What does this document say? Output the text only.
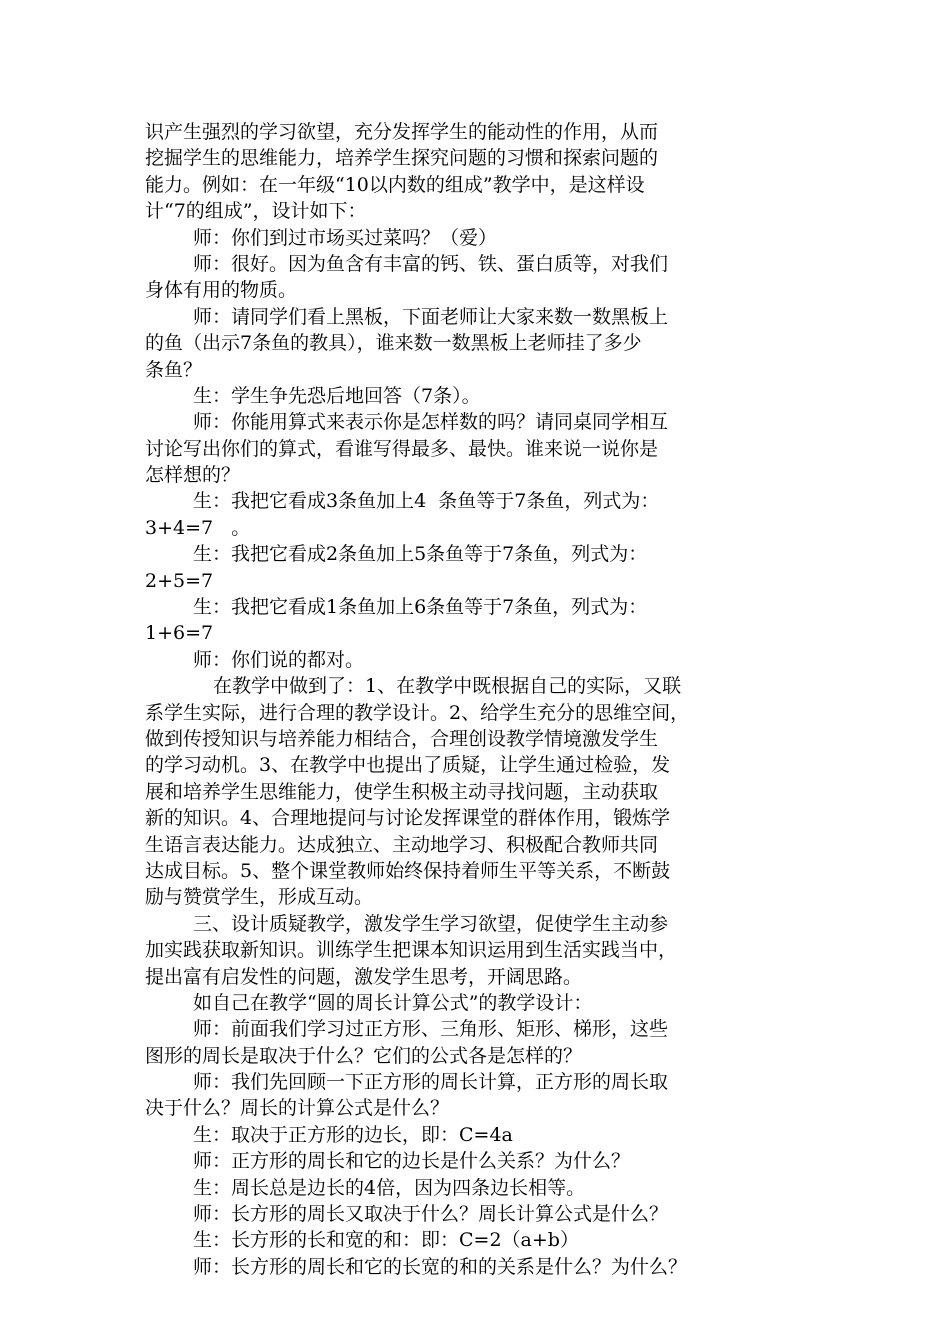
识产生强烈的学习欲望，充分发挥学生的能动性的作用，从而
挖掘学生的思维能力，培养学生探究问题的习惯和探索问题的
能力。例如：在一年级“10以内数的组成”教学中，是这样设
计“7的组成”，设计如下：
师：你们到过市场买过菜吗？（爱）
师：很好。因为鱼含有丰富的钙、铁、蛋白质等，对我们
身体有用的物质。
师：请同学们看上黑板，下面老师让大家来数一数黑板上
的鱼（出示7条鱼的教具），谁来数一数黑板上老师挂了多少
条鱼？
生：学生争先恐后地回答（7条）。
师：你能用算式来表示你是怎样数的吗？请同桌同学相互
讨论写出你们的算式，看谁写得最多、最快。谁来说一说你是
怎样想的？
生：我把它看成3条鱼加上4  条鱼等于7条鱼，列式为：
3+4=7   。
生：我把它看成2条鱼加上5条鱼等于7条鱼，列式为：
2+5=7
生：我把它看成1条鱼加上6条鱼等于7条鱼，列式为：
1+6=7
师：你们说的都对。
在教学中做到了：1、在教学中既根据自己的实际，又联
系学生实际，进行合理的教学设计。2、给学生充分的思维空间，
做到传授知识与培养能力相结合，合理创设教学情境激发学生
的学习动机。3、在教学中也提出了质疑，让学生通过检验，发
展和培养学生思维能力，使学生积极主动寻找问题，主动获取
新的知识。4、合理地提问与讨论发挥课堂的群体作用，锻炼学
生语言表达能力。达成独立、主动地学习、积极配合教师共同
达成目标。5、整个课堂教师始终保持着师生平等关系，不断鼓
励与赞赏学生，形成互动。
三、设计质疑教学，激发学生学习欲望，促使学生主动参
加实践获取新知识。训练学生把课本知识运用到生活实践当中，
提出富有启发性的问题，激发学生思考，开阔思路。
如自己在教学“圆的周长计算公式”的教学设计：
师：前面我们学习过正方形、三角形、矩形、梯形，这些
图形的周长是取决于什么？它们的公式各是怎样的？
师：我们先回顾一下正方形的周长计算，正方形的周长取
决于什么？周长的计算公式是什么？
生：取决于正方形的边长，即：C=4a
师：正方形的周长和它的边长是什么关系？为什么？
生：周长总是边长的4倍，因为四条边长相等。
师：长方形的周长又取决于什么？周长计算公式是什么？
生：长方形的长和宽的和：即：C=2（a+b）
师：长方形的周长和它的长宽的和的关系是什么？为什么？
